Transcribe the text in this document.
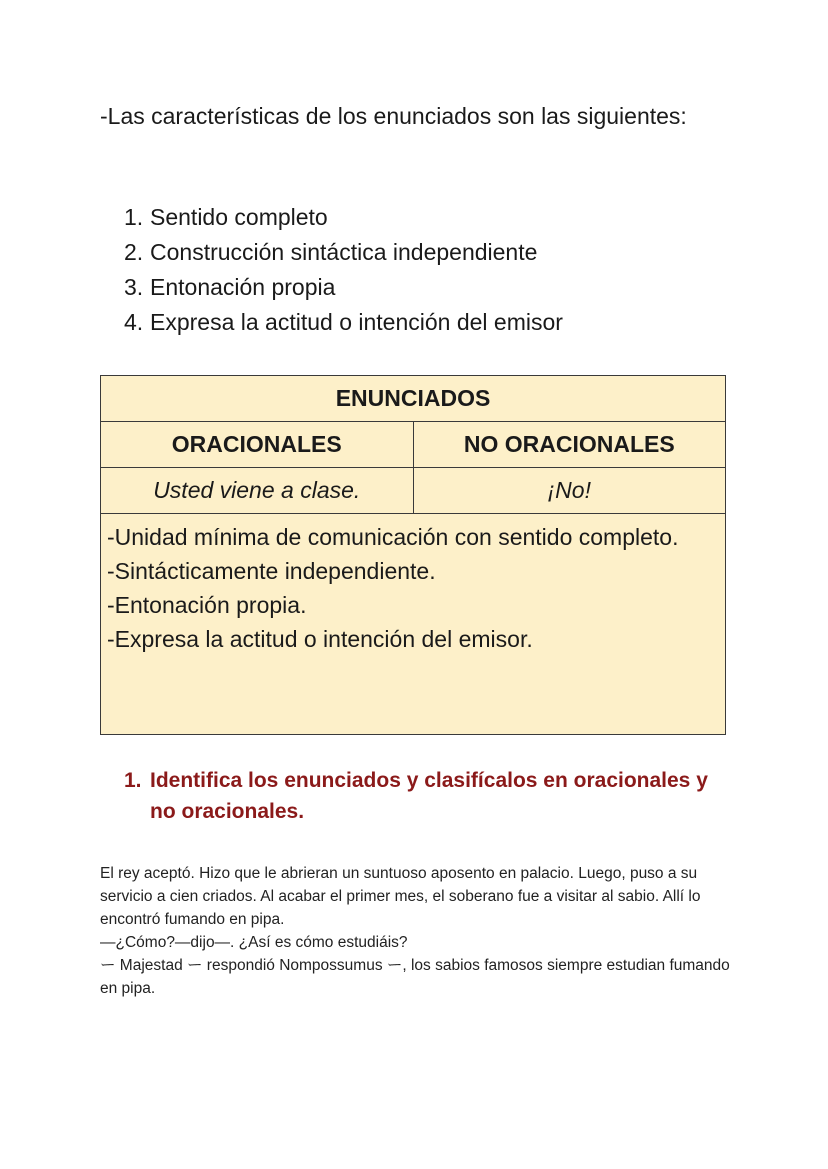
-Las características de los enunciados son las siguientes:

1. Sentido completo
2. Construcción sintáctica independiente
3. Entonación propia
4. Expresa la actitud o intención del emisor
ENUNCIADOS	
ORACIONALES	NO ORACIONALES
Usted viene a clase.	¡No!

-Unidad mínima de comunicación con sentido completo.
-Sintácticamente independiente.
-Entonación propia.
-Expresa la actitud o intención del emisor.	
1. Identifica los enunciados y clasifícalos en oracionales y no oracionales.
El rey aceptó. Hizo que le abrieran un suntuoso aposento en palacio. Luego, puso a su servicio a cien criados. Al acabar el primer mes, el soberano fue a visitar al sabio. Allí lo encontró fumando en pipa.
—¿Cómo?—dijo—. ¿Así es cómo estudiáis?
ー Majestad ー respondió Nompossumus ー, los sabios famosos siempre estudian fumando en pipa.
